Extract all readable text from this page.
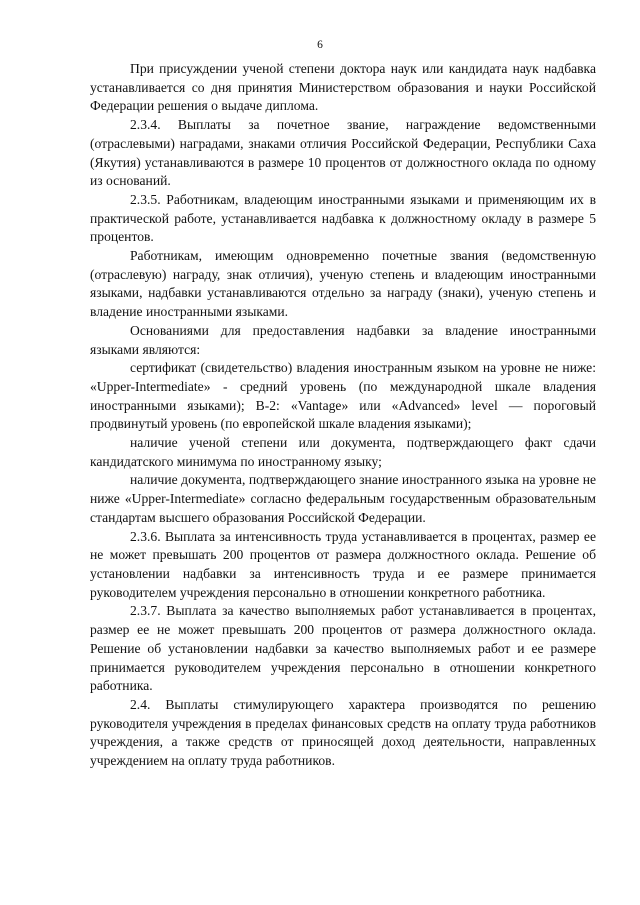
6

При присуждении ученой степени доктора наук или кандидата наук надбавка устанавливается со дня принятия Министерством образования и науки Российской Федерации решения о выдаче диплома.

2.3.4. Выплаты за почетное звание, награждение ведомственными (отраслевыми) наградами, знаками отличия Российской Федерации, Республики Саха (Якутия) устанавливаются в размере 10 процентов от должностного оклада по одному из оснований.

2.3.5. Работникам, владеющим иностранными языками и применяющим их в практической работе, устанавливается надбавка к должностному окладу в размере 5 процентов.

Работникам, имеющим одновременно почетные звания (ведомственную (отраслевую) награду, знак отличия), ученую степень и владеющим иностранными языками, надбавки устанавливаются отдельно за награду (знаки), ученую степень и владение иностранными языками.

Основаниями для предоставления надбавки за владение иностранными языками являются:

сертификат (свидетельство) владения иностранным языком на уровне не ниже: «Upper-Intermediate» - средний уровень (по международной шкале владения иностранными языками); B-2: «Vantage» или «Advanced» level — пороговый продвинутый уровень (по европейской шкале владения языками);

наличие ученой степени или документа, подтверждающего факт сдачи кандидатского минимума по иностранному языку;

наличие документа, подтверждающего знание иностранного языка на уровне не ниже «Upper-Intermediate» согласно федеральным государственным образовательным стандартам высшего образования Российской Федерации.

2.3.6. Выплата за интенсивность труда устанавливается в процентах, размер ее не может превышать 200 процентов от размера должностного оклада. Решение об установлении надбавки за интенсивность труда и ее размере принимается руководителем учреждения персонально в отношении конкретного работника.

2.3.7. Выплата за качество выполняемых работ устанавливается в процентах, размер ее не может превышать 200 процентов от размера должностного оклада. Решение об установлении надбавки за качество выполняемых работ и ее размере принимается руководителем учреждения персонально в отношении конкретного работника.

2.4. Выплаты стимулирующего характера производятся по решению руководителя учреждения в пределах финансовых средств на оплату труда работников учреждения, а также средств от приносящей доход деятельности, направленных учреждением на оплату труда работников.
